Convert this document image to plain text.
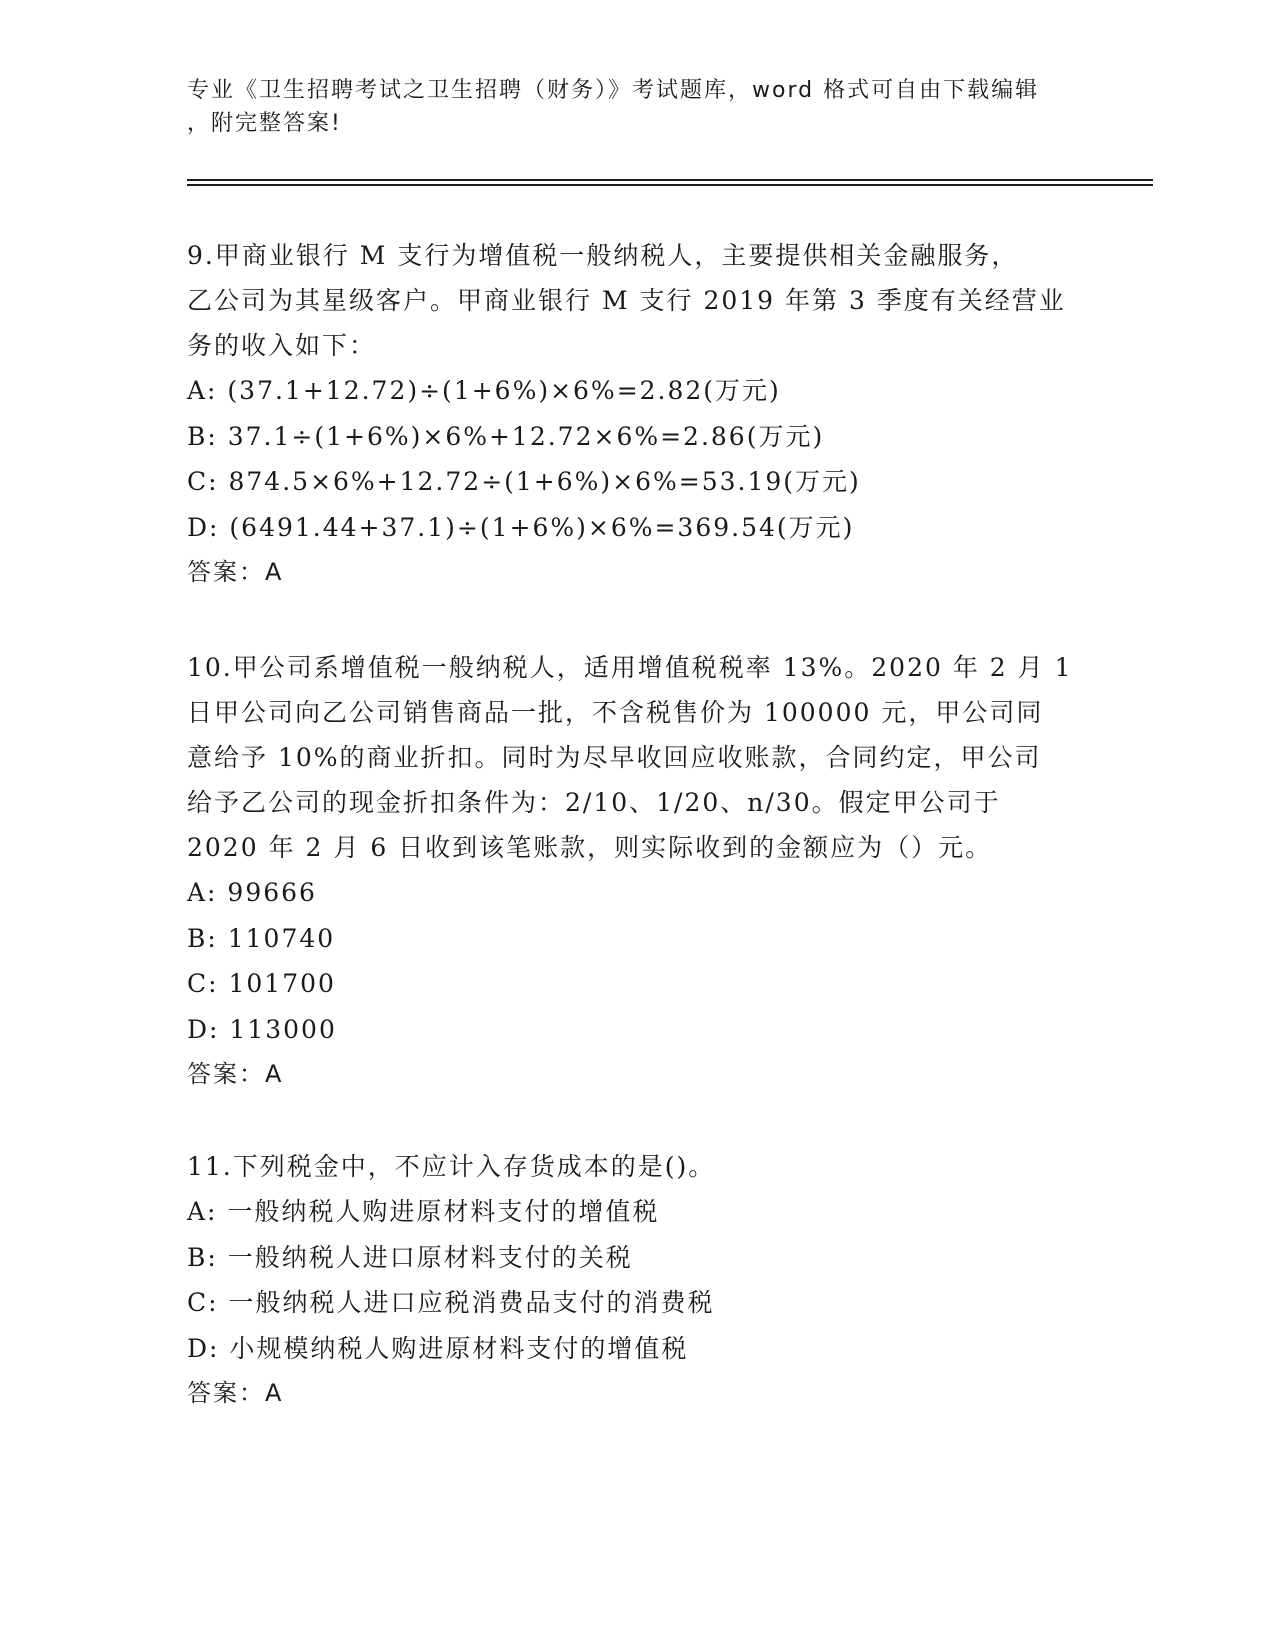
专业《卫生招聘考试之卫生招聘（财务）》考试题库，word 格式可自由下载编辑
，附完整答案!
9.甲商业银行 M 支行为增值税一般纳税人，主要提供相关金融服务，
乙公司为其星级客户。甲商业银行 M 支行 2019 年第 3 季度有关经营业
务的收入如下：
A: (37.1+12.72)÷(1+6%)×6%=2.82(万元)
B: 37.1÷(1+6%)×6%+12.72×6%=2.86(万元)
C: 874.5×6%+12.72÷(1+6%)×6%=53.19(万元)
D: (6491.44+37.1)÷(1+6%)×6%=369.54(万元)
答案：A
10.甲公司系增值税一般纳税人，适用增值税税率 13%。2020 年 2 月 1
日甲公司向乙公司销售商品一批，不含税售价为 100000 元，甲公司同
意给予 10%的商业折扣。同时为尽早收回应收账款，合同约定，甲公司
给予乙公司的现金折扣条件为：2/10、1/20、n/30。假定甲公司于
2020 年 2 月 6 日收到该笔账款，则实际收到的金额应为（）元。
A: 99666
B: 110740
C: 101700
D: 113000
答案：A
11.下列税金中，不应计入存货成本的是()。
A: 一般纳税人购进原材料支付的增值税
B: 一般纳税人进口原材料支付的关税
C: 一般纳税人进口应税消费品支付的消费税
D: 小规模纳税人购进原材料支付的增值税
答案：A
